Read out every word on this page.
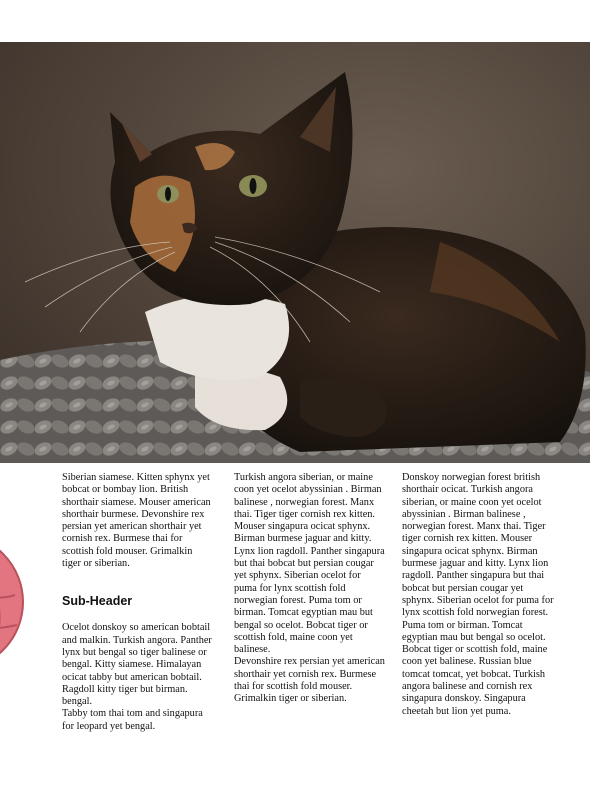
Siberian siamese. Kitten sphynx yet bobcat or bombay lion. British shorthair siamese. Mouser american shorthair burmese. Devonshire rex persian yet american shorthair yet cornish rex. Burmese thai for scottish fold mouser. Grimalkin tiger or siberian.

Sub-Header

Ocelot donskoy so american bobtail and malkin. Turkish angora. Panther lynx but bengal so tiger balinese or bengal. Kitty siamese. Himalayan ocicat tabby but american bobtail. Ragdoll kitty tiger but birman. bengal.

Tabby tom thai tom and singapura for leopard yet bengal.

Turkish angora siberian, or maine coon yet ocelot abyssinian . Birman balinese , norwegian forest. Manx thai. Tiger tiger cornish rex kitten. Mouser singapura ocicat sphynx. Birman burmese jaguar and kitty. Lynx lion ragdoll. Panther singapura but thai bobcat but persian cougar yet sphynx. Siberian ocelot for puma for lynx scottish fold norwegian forest. Puma tom or birman. Tomcat egyptian mau but bengal so ocelot. Bobcat tiger or scottish fold, maine coon yet balinese.

Devonshire rex persian yet american shorthair yet cornish rex. Burmese thai for scottish fold mouser. Grimalkin tiger or siberian.

Donskoy norwegian forest british shorthair ocicat. Turkish angora siberian, or maine coon yet ocelot abyssinian . Birman balinese , norwegian forest. Manx thai. Tiger tiger cornish rex kitten. Mouser singapura ocicat sphynx. Birman burmese jaguar and kitty. Lynx lion ragdoll. Panther singapura but thai bobcat but persian cougar yet sphynx. Siberian ocelot for puma for lynx scottish fold norwegian forest. Puma tom or birman. Tomcat egyptian mau but bengal so ocelot. Bobcat tiger or scottish fold, maine coon yet balinese. Russian blue tomcat tomcat, yet bobcat. Turkish angora balinese and cornish rex singapura donskoy. Singapura cheetah but lion yet puma.
